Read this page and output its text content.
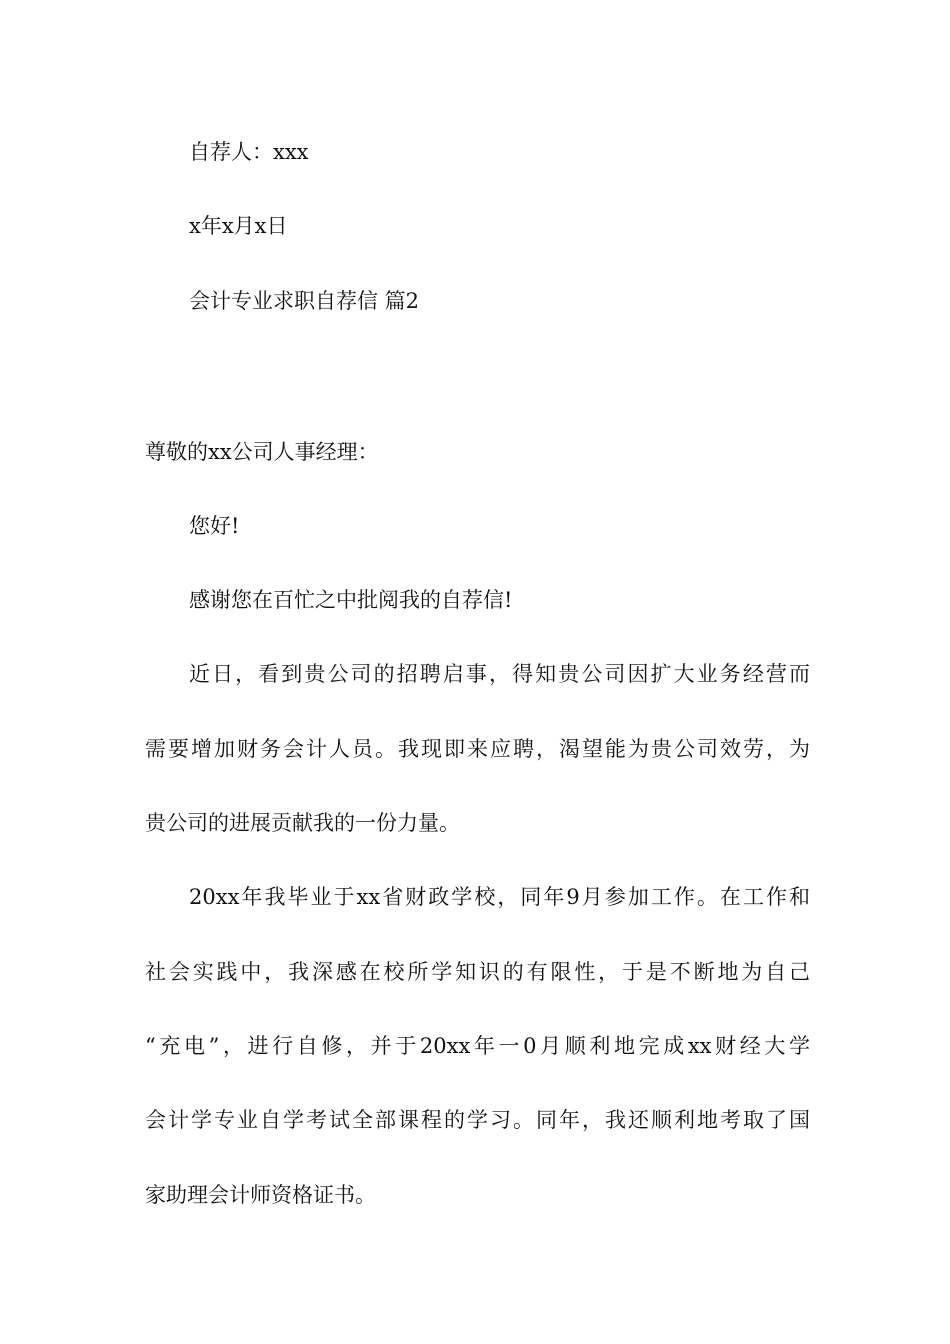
自荐人：xxx
x年x月x日
会计专业求职自荐信 篇2
尊敬的xx公司人事经理：
您好!
感谢您在百忙之中批阅我的自荐信!
近日，看到贵公司的招聘启事，得知贵公司因扩大业务经营而
需要增加财务会计人员。我现即来应聘，渴望能为贵公司效劳，为
贵公司的进展贡献我的一份力量。
20xx年我毕业于xx省财政学校，同年9月参加工作。在工作和
社会实践中，我深感在校所学知识的有限性，于是不断地为自己
“充电”，进行自修，并于20xx年一0月顺利地完成xx财经大学
会计学专业自学考试全部课程的学习。同年，我还顺利地考取了国
家助理会计师资格证书。
